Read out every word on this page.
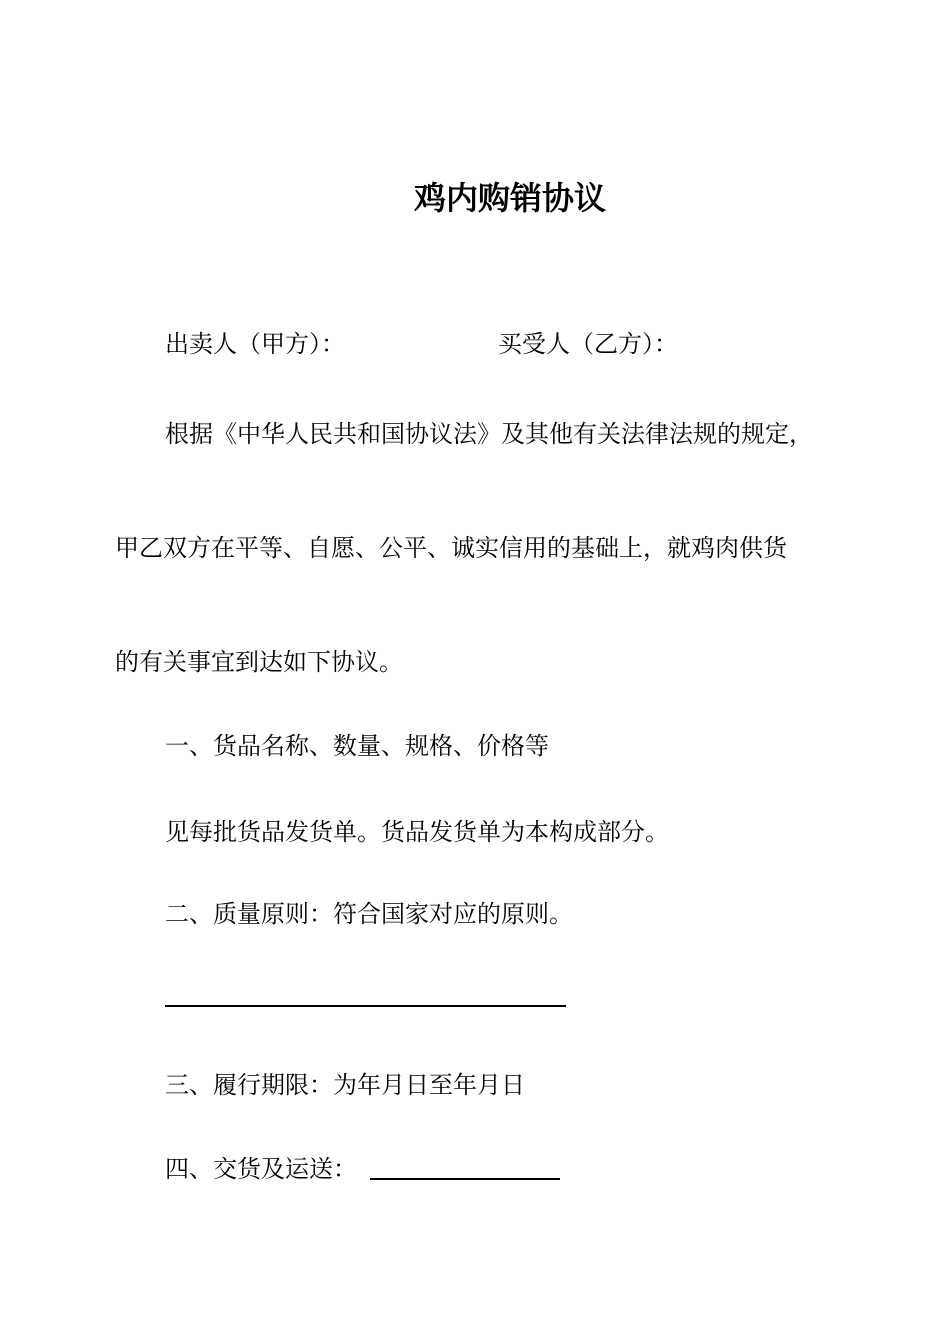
鸡内购销协议
出卖人（甲方）：	买受人（乙方）：
根据《中华人民共和国协议法》及其他有关法律法规的规定，
甲乙双方在平等、自愿、公平、诚实信用的基础上，就鸡肉供货
的有关事宜到达如下协议。
一、货品名称、数量、规格、价格等
见每批货品发货单。货品发货单为本构成部分。
二、质量原则：符合国家对应的原则。
三、履行期限：为年月日至年月日
四、交货及运送：
